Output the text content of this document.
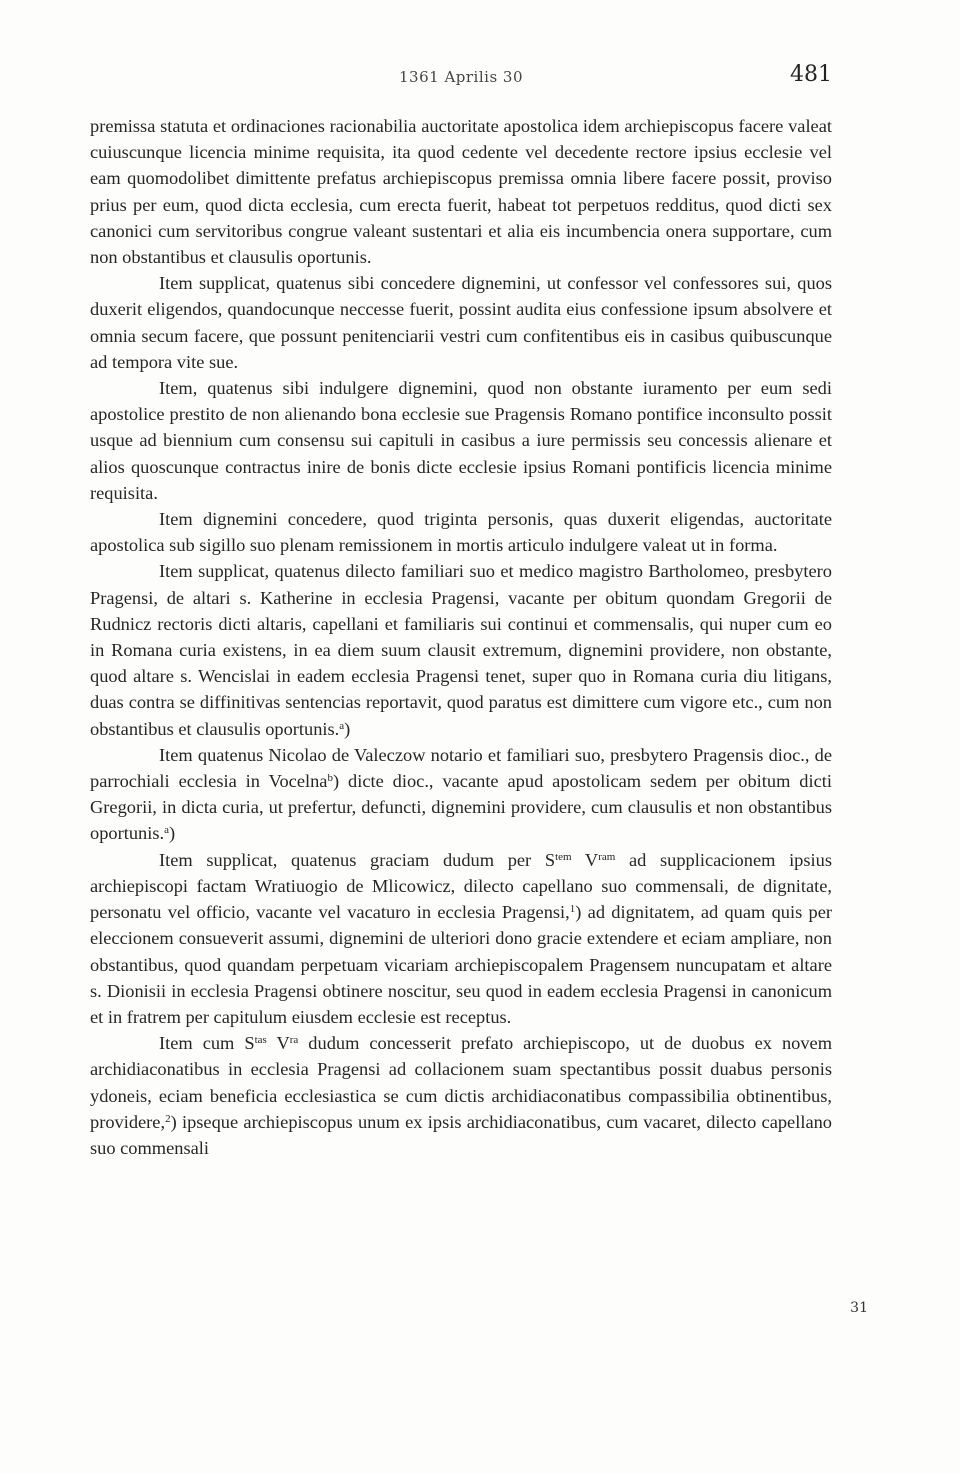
1361 Aprilis 30	481

premissa statuta et ordinaciones racionabilia auctoritate apostolica idem archiepiscopus facere valeat cuiuscunque licencia minime requisita, ita quod cedente vel decedente rectore ipsius ecclesie vel eam quomodolibet dimittente prefatus archiepiscopus premissa omnia libere facere possit, proviso prius per eum, quod dicta ecclesia, cum erecta fuerit, habeat tot perpetuos redditus, quod dicti sex canonici cum servitoribus congrue valeant sustentari et alia eis incumbencia onera supportare, cum non obstantibus et clausulis oportunis.

Item supplicat, quatenus sibi concedere dignemini, ut confessor vel confessores sui, quos duxerit eligendos, quandocunque neccesse fuerit, possint audita eius confessione ipsum absolvere et omnia secum facere, que possunt penitenciarii vestri cum confitentibus eis in casibus quibuscunque ad tempora vite sue.

Item, quatenus sibi indulgere dignemini, quod non obstante iuramento per eum sedi apostolice prestito de non alienando bona ecclesie sue Pragensis Romano pontifice inconsulto possit usque ad biennium cum consensu sui capituli in casibus a iure permissis seu concessis alienare et alios quoscunque contractus inire de bonis dicte ecclesie ipsius Romani pontificis licencia minime requisita.

Item dignemini concedere, quod triginta personis, quas duxerit eligendas, auctoritate apostolica sub sigillo suo plenam remissionem in mortis articulo indulgere valeat ut in forma.

Item supplicat, quatenus dilecto familiari suo et medico magistro Bartholomeo, presbytero Pragensi, de altari s. Katherine in ecclesia Pragensi, vacante per obitum quondam Gregorii de Rudnicz rectoris dicti altaris, capellani et familiaris sui continui et commensalis, qui nuper cum eo in Romana curia existens, in ea diem suum clausit extremum, dignemini providere, non obstante, quod altare s. Wencislai in eadem ecclesia Pragensi tenet, super quo in Romana curia diu litigans, duas contra se diffinitivas sentencias reportavit, quod paratus est dimittere cum vigore etc., cum non obstantibus et clausulis oportunis.$^a$)

Item quatenus Nicolao de Valeczow notario et familiari suo, presbytero Pragensis dioc., de parrochiali ecclesia in Vocelna$^b$) dicte dioc., vacante apud apostolicam sedem per obitum dicti Gregorii, in dicta curia, ut prefertur, defuncti, dignemini providere, cum clausulis et non obstantibus oportunis.$^a$)

Item supplicat, quatenus graciam dudum per $S^{tem}$ $V^{ram}$ ad supplicacionem ipsius archiepiscopi factam Wratiuogio de Mlicowicz, dilecto capellano suo commensali, de dignitate, personatu vel officio, vacante vel vacaturo in ecclesia Pragensi,$^1$) ad dignitatem, ad quam quis per eleccionem consueverit assumi, dignemini de ulteriori dono gracie extendere et eciam ampliare, non obstantibus, quod quandam perpetuam vicariam archiepiscopalem Pragensem nuncupatam et altare s. Dionisii in ecclesia Pragensi obtinere noscitur, seu quod in eadem ecclesia Pragensi in canonicum et in fratrem per capitulum eiusdem ecclesie est receptus.

Item cum $S^{tas}$ $V^{ra}$ dudum concesserit prefato archiepiscopo, ut de duobus ex novem archidiaconatibus in ecclesia Pragensi ad collacionem suam spectantibus possit duabus personis ydoneis, eciam beneficia ecclesiastica se cum dictis archidiaconatibus compassibilia obtinentibus, providere,$^2$) ipseque archiepiscopus unum ex ipsis archidiaconatibus, cum vacaret, dilecto capellano suo commensali

31
